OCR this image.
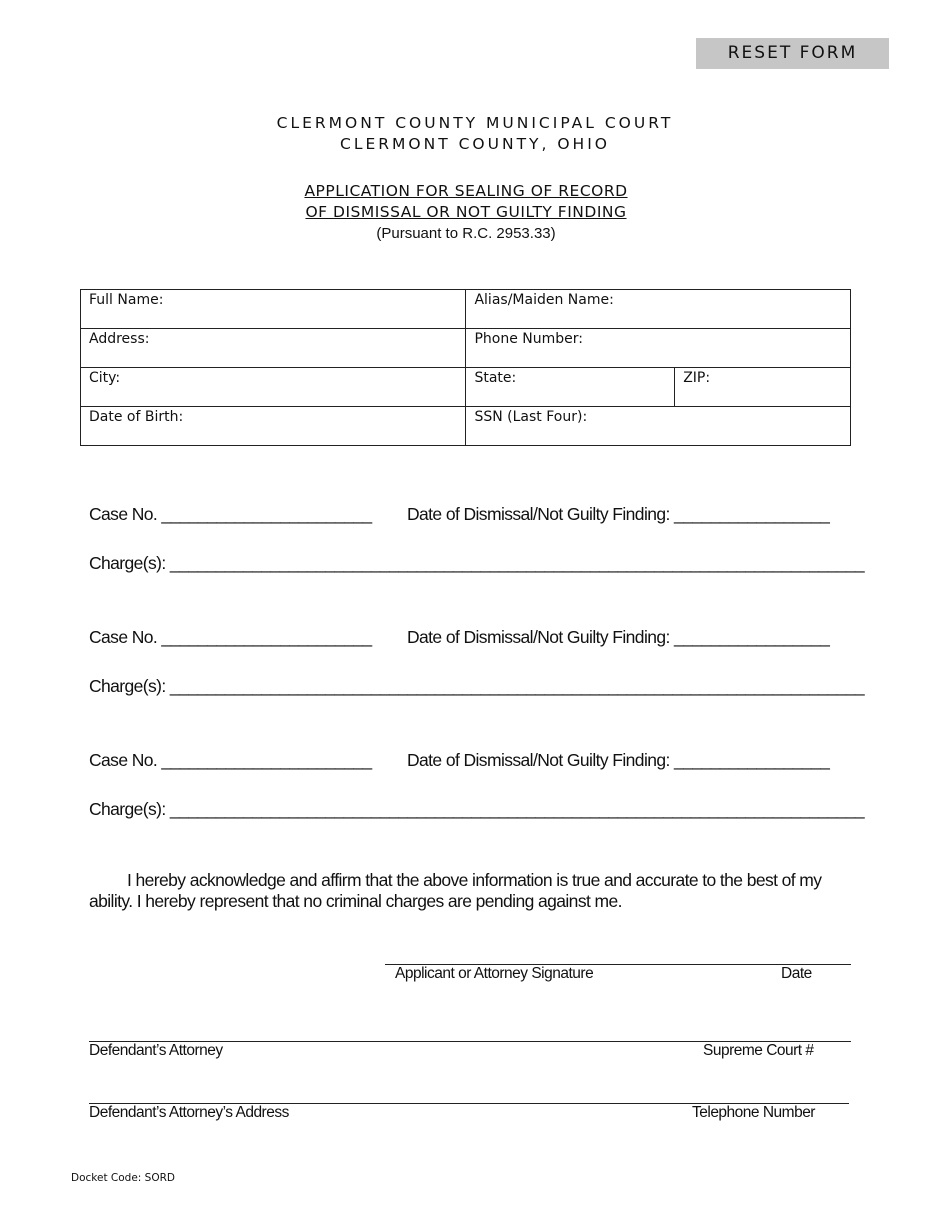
RESET FORM
CLERMONT COUNTY MUNICIPAL COURT
CLERMONT COUNTY, OHIO
APPLICATION FOR SEALING OF RECORD
OF DISMISSAL OR NOT GUILTY FINDING
(Pursuant to R.C. 2953.33)
Full Name:	Alias/Maiden Name:	
Address:	Phone Number:	
City:	State:	ZIP:
Date of Birth:	SSN (Last Four):	
Case No. _______________________ Date of Dismissal/Not Guilty Finding: _________________
Charge(s): ____________________________________________________________________________
Case No. _______________________ Date of Dismissal/Not Guilty Finding: _________________
Charge(s): ____________________________________________________________________________
Case No. _______________________ Date of Dismissal/Not Guilty Finding: _________________
Charge(s): ____________________________________________________________________________
I hereby acknowledge and affirm that the above information is true and accurate to the best of my ability. I hereby represent that no criminal charges are pending against me.
Applicant or Attorney Signature	Date
Defendant’s Attorney	Supreme Court #
Defendant’s Attorney’s Address	Telephone Number
Docket Code: SORD
